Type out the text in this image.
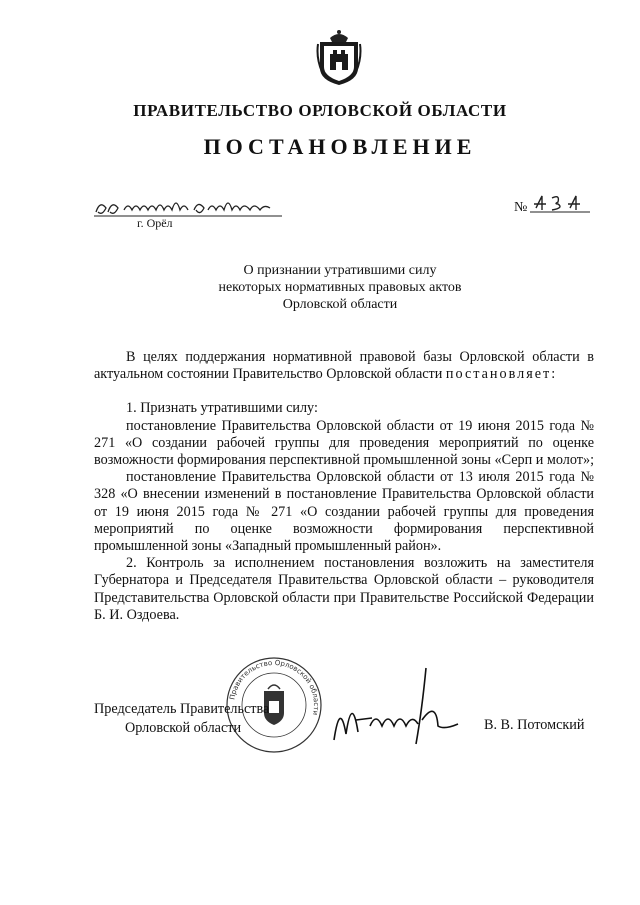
ПРАВИТЕЛЬСТВО ОРЛОВСКОЙ ОБЛАСТИ
ПОСТАНОВЛЕНИЕ
г. Орёл
№
О признании утратившими силу
некоторых нормативных правовых актов
Орловской области

В целях поддержания нормативной правовой базы Орловской области в актуальном состоянии Правительство Орловской области постановляет:

1. Признать утратившими силу:

постановление Правительства Орловской области от 19 июня 2015 года № 271 «О создании рабочей группы для проведения мероприятий по оценке возможности формирования перспективной промышленной зоны «Серп и молот»;

постановление Правительства Орловской области от 13 июля 2015 года № 328 «О внесении изменений в постановление Правительства Орловской области от 19 июня 2015 года № 271 «О создании рабочей группы для проведения мероприятий по оценке возможности формирования перспективной промышленной зоны «Западный промышленный район».

2. Контроль за исполнением постановления возложить на заместителя Губернатора и Председателя Правительства Орловской области – руководителя Представительства Орловской области при Правительстве Российской Федерации Б. И. Оздоева.

Правительство Орловской области
Председатель Правительства
Орловской области	В. В. Потомский
